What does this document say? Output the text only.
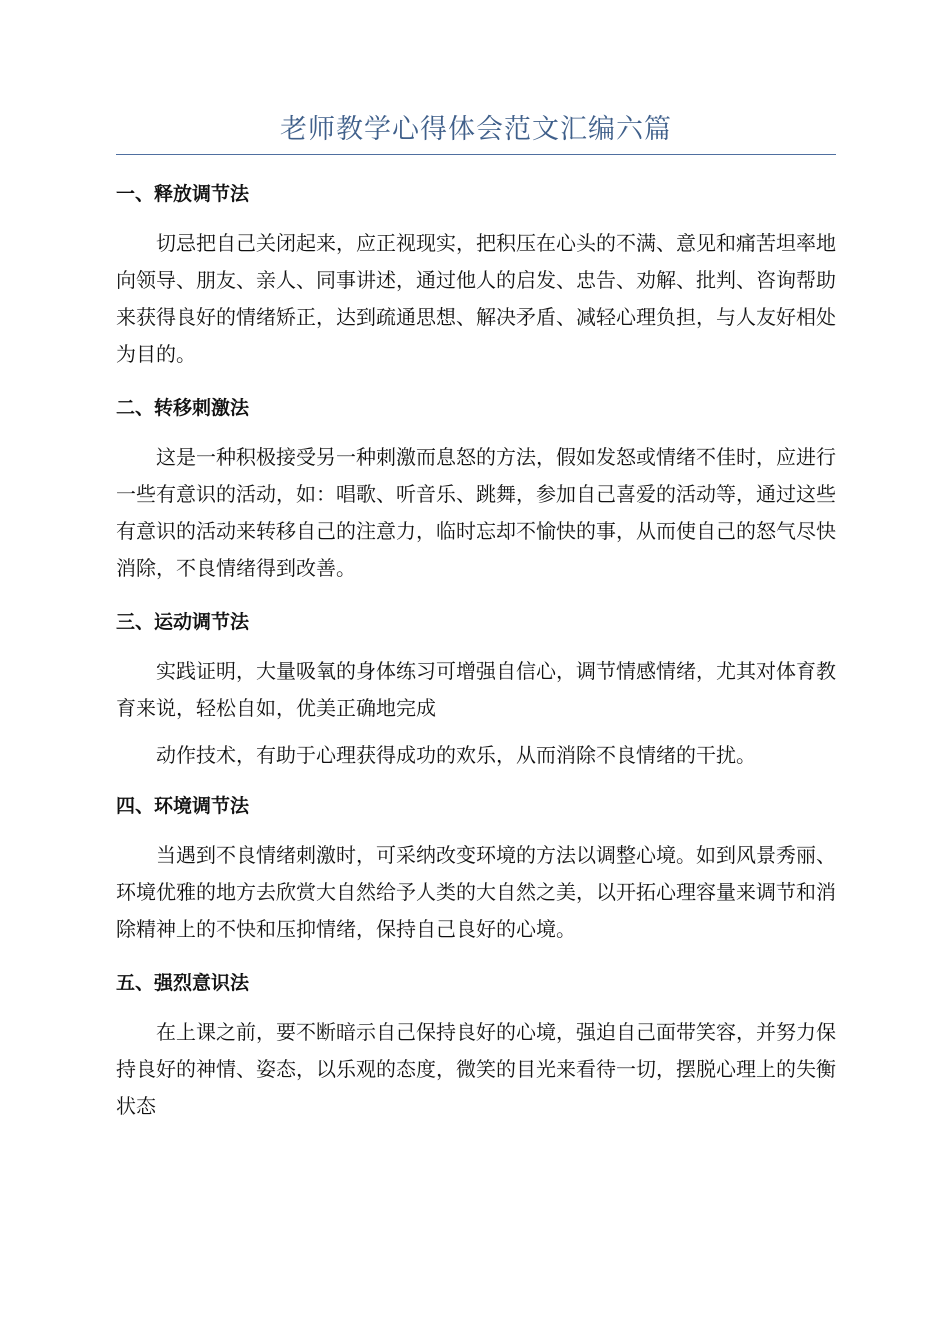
老师教学心得体会范文汇编六篇
一、释放调节法

切忌把自己关闭起来，应正视现实，把积压在心头的不满、意见和痛苦坦率地向领导、朋友、亲人、同事讲述，通过他人的启发、忠告、劝解、批判、咨询帮助来获得良好的情绪矫正，达到疏通思想、解决矛盾、减轻心理负担，与人友好相处为目的。

二、转移刺激法

这是一种积极接受另一种刺激而息怒的方法，假如发怒或情绪不佳时，应进行一些有意识的活动，如：唱歌、听音乐、跳舞，参加自己喜爱的活动等，通过这些有意识的活动来转移自己的注意力，临时忘却不愉快的事，从而使自己的怒气尽快消除，不良情绪得到改善。

三、运动调节法

实践证明，大量吸氧的身体练习可增强自信心，调节情感情绪，尤其对体育教育来说，轻松自如，优美正确地完成

动作技术，有助于心理获得成功的欢乐，从而消除不良情绪的干扰。

四、环境调节法

当遇到不良情绪刺激时，可采纳改变环境的方法以调整心境。如到风景秀丽、环境优雅的地方去欣赏大自然给予人类的大自然之美，以开拓心理容量来调节和消除精神上的不快和压抑情绪，保持自己良好的心境。

五、强烈意识法

在上课之前，要不断暗示自己保持良好的心境，强迫自己面带笑容，并努力保持良好的神情、姿态，以乐观的态度，微笑的目光来看待一切，摆脱心理上的失衡状态
